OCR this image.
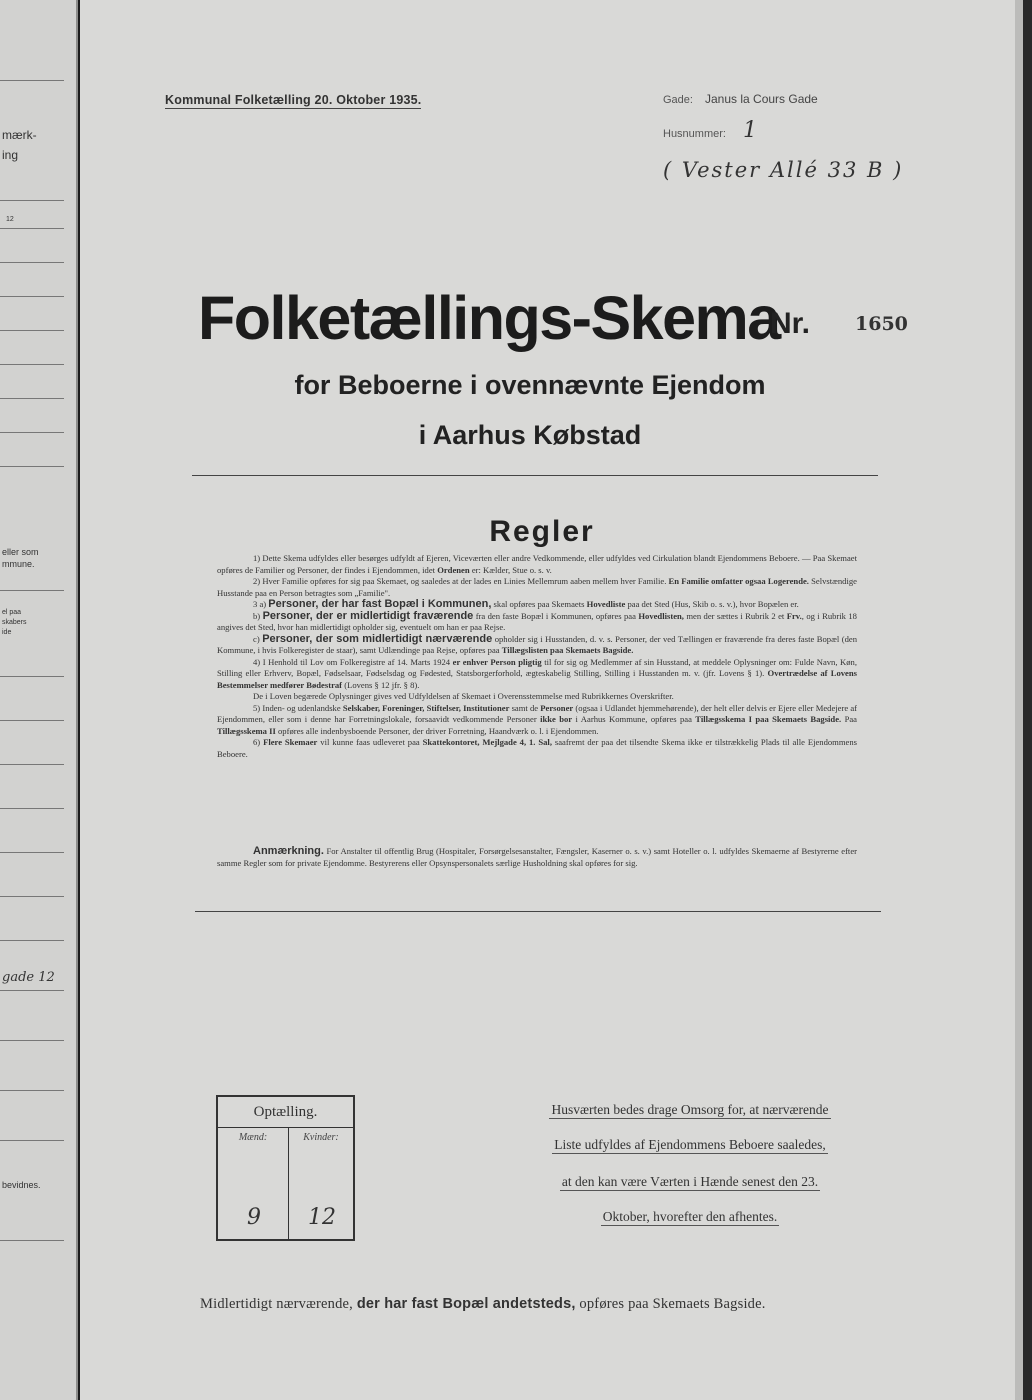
mærk-
ing
12
eller som
mmune.
el paa
skabers
ide
gade 12
bevidnes.
Kommunal Folketælling 20. Oktober 1935.	Gade: Janus la Cours Gade
Husnummer: 1
( Vester Allé 33 B )
Folketællings-Skema
Nr. 1650
for Beboerne i ovennævnte Ejendom
i Aarhus Købstad
Regler

1) Dette Skema udfyldes eller besørges udfyldt af Ejeren, Viceværten eller andre Vedkommende, eller udfyldes ved Cirkulation blandt Ejendommens Beboere. — Paa Skemaet opføres de Familier og Personer, der findes i Ejendommen, idet Ordenen er: Kælder, Stue o. s. v.

2) Hver Familie opføres for sig paa Skemaet, og saaledes at der lades en Linies Mellemrum aaben mellem hver Familie. En Familie omfatter ogsaa Logerende. Selvstændige Husstande paa en Person betragtes som „Familie".

3 a) Personer, der har fast Bopæl i Kommunen, skal opføres paa Skemaets Hovedliste paa det Sted (Hus, Skib o. s. v.), hvor Bopælen er.

b) Personer, der er midlertidigt fraværende fra den faste Bopæl i Kommunen, opføres paa Hovedlisten, men der sættes i Rubrik 2 et Frv., og i Rubrik 18 angives det Sted, hvor han midlertidigt opholder sig, eventuelt om han er paa Rejse.

c) Personer, der som midlertidigt nærværende opholder sig i Husstanden, d. v. s. Personer, der ved Tællingen er fraværende fra deres faste Bopæl (den Kommune, i hvis Folkeregister de staar), samt Udlændinge paa Rejse, opføres paa Tillægslisten paa Skemaets Bagside.

4) I Henhold til Lov om Folkeregistre af 14. Marts 1924 er enhver Person pligtig til for sig og Medlemmer af sin Husstand, at meddele Oplysninger om: Fulde Navn, Køn, Stilling eller Erhverv, Bopæl, Fødselsaar, Fødselsdag og Fødested, Statsborgerforhold, ægteskabelig Stilling, Stilling i Husstanden m. v. (jfr. Lovens § 1). Overtrædelse af Lovens Bestemmelser medfører Bødestraf (Lovens § 12 jfr. § 8).

De i Loven begærede Oplysninger gives ved Udfyldelsen af Skemaet i Overensstemmelse med Rubrikkernes Overskrifter.

5) Inden- og udenlandske Selskaber, Foreninger, Stiftelser, Institutioner samt de Personer (ogsaa i Udlandet hjemmehørende), der helt eller delvis er Ejere eller Medejere af Ejendommen, eller som i denne har Forretningslokale, forsaavidt vedkommende Personer ikke bor i Aarhus Kommune, opføres paa Tillægsskema I paa Skemaets Bagside. Paa Tillægsskema II opføres alle indenbysboende Personer, der driver Forretning, Haandværk o. l. i Ejendommen.

6) Flere Skemaer vil kunne faas udleveret paa Skattekontoret, Mejlgade 4, 1. Sal, saafremt der paa det tilsendte Skema ikke er tilstrækkelig Plads til alle Ejendommens Beboere.

Anmærkning. For Anstalter til offentlig Brug (Hospitaler, Forsørgelsesanstalter, Fængsler, Kaserner o. s. v.) samt Hoteller o. l. udfyldes Skemaerne af Bestyrerne efter samme Regler som for private Ejendomme. Bestyrerens eller Opsynspersonalets særlige Husholdning skal opføres for sig.

Optælling.
Mænd:	Kvinder:
9	12
Husværten bedes drage Omsorg for, at nærværende
Liste udfyldes af Ejendommens Beboere saaledes,
at den kan være Værten i Hænde senest den 23.
Oktober, hvorefter den afhentes.
Midlertidigt nærværende, der har fast Bopæl andetsteds, opføres paa Skemaets Bagside.
